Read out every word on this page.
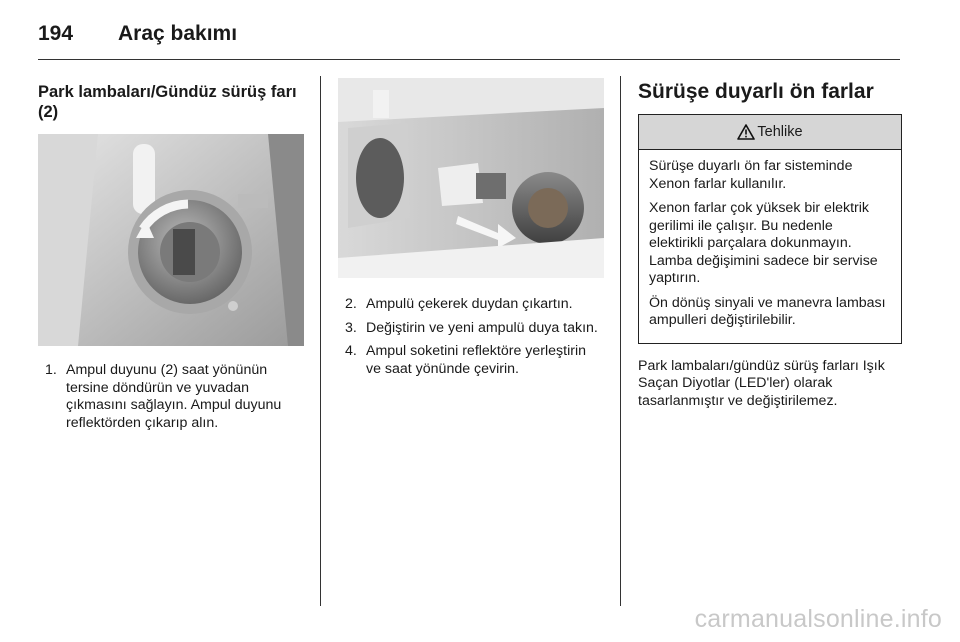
194 Araç bakımı
Park lambaları/Gündüz sürüş farı (2)
1. Ampul duyunu (2) saat yönünün tersine döndürün ve yuvadan çıkmasını sağlayın. Ampul duyunu reflektörden çıkarıp alın.
2. Ampulü çekerek duydan çıkartın.
3. Değiştirin ve yeni ampulü duya takın.
4. Ampul soketini reflektöre yerleştirin ve saat yönünde çevirin.
Sürüşe duyarlı ön farlar
Tehlike

Sürüşe duyarlı ön far sisteminde Xenon farlar kullanılır.

Xenon farlar çok yüksek bir elektrik gerilimi ile çalışır. Bu nedenle elektirikli parçalara dokunmayın. Lamba değişimini sadece bir servise yaptırın.

Ön dönüş sinyali ve manevra lambası ampulleri değiştirilebilir.

Park lambaları/gündüz sürüş farları Işık Saçan Diyotlar (LED'ler) olarak tasarlanmıştır ve değiştirilemez.

carmanualsonline.info
